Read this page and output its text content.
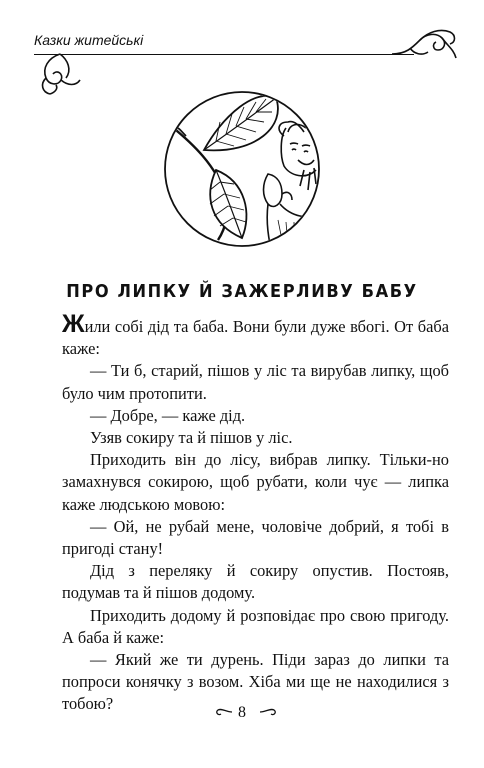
Казки житейські
ПРО ЛИПКУ Й ЗАЖЕРЛИВУ БАБУ

Жили собі дід та баба. Вони були дуже вбогі. От баба каже:

— Ти б, старий, пішов у ліс та вирубав липку, щоб було чим протопити.

— Добре, — каже дід.

Узяв сокиру та й пішов у ліс.

Приходить він до лісу, вибрав липку. Тільки-но замахнувся сокирою, щоб рубати, коли чує — липка каже людською мовою:

— Ой, не рубай мене, чоловіче добрий, я тобі в пригоді стану!

Дід з переляку й сокиру опустив. Постояв, подумав та й пішов додому.

Приходить додому й розповідає про свою пригоду. А баба й каже:

— Який же ти дурень. Піди зараз до липки та попроси конячку з возом. Хіба ми ще не находилися з тобою?	8
